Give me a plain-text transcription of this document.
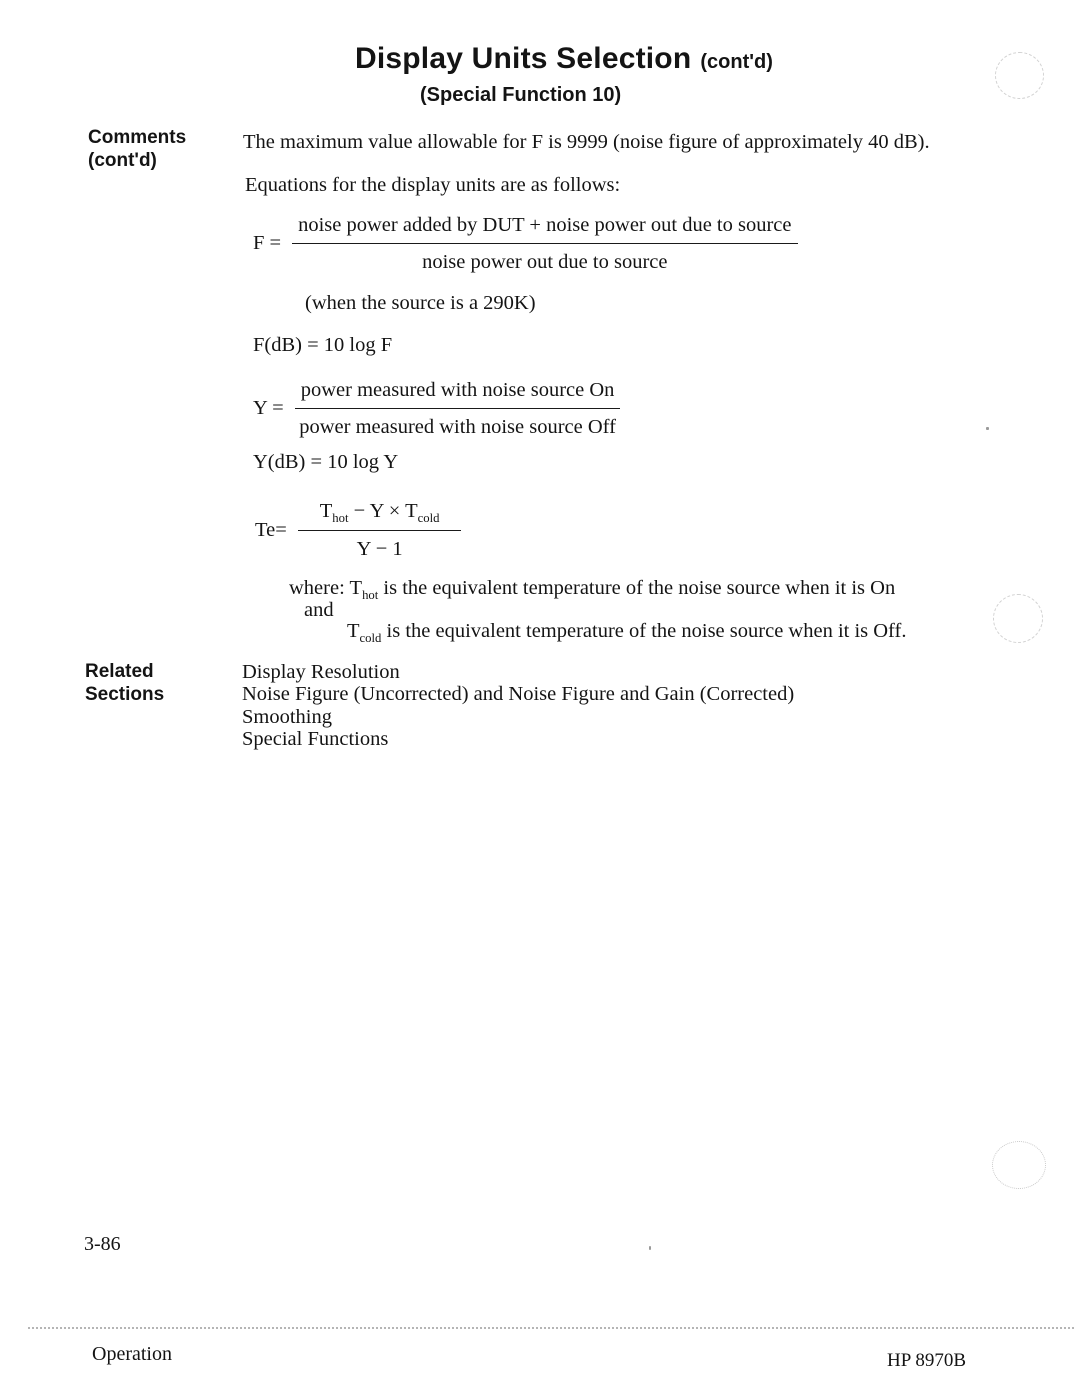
Display Units Selection (cont'd)
(Special Function 10)
Comments
(cont'd)
The maximum value allowable for F is 9999 (noise figure of approximately 40 dB).
Equations for the display units are as follows:
$F = \frac{\text{noise power added by DUT + noise power out due to source}}{\text{noise power out due to source}}$
(when the source is a 290K)
F(dB) = 10 log F
$Y = \frac{\text{power measured with noise source On}}{\text{power measured with noise source Off}}$
Y(dB) = 10 log Y
$Te= \frac{T_{hot} - Y \times T_{cold}}{Y - 1}$
where: $T_{hot}$ is the equivalent temperature of the noise source when it is On
and
$T_{cold}$ is the equivalent temperature of the noise source when it is Off.
Related
Sections
Display Resolution
Noise Figure (Uncorrected) and Noise Figure and Gain (Corrected)
Smoothing
Special Functions
3-86
Operation	HP 8970B
